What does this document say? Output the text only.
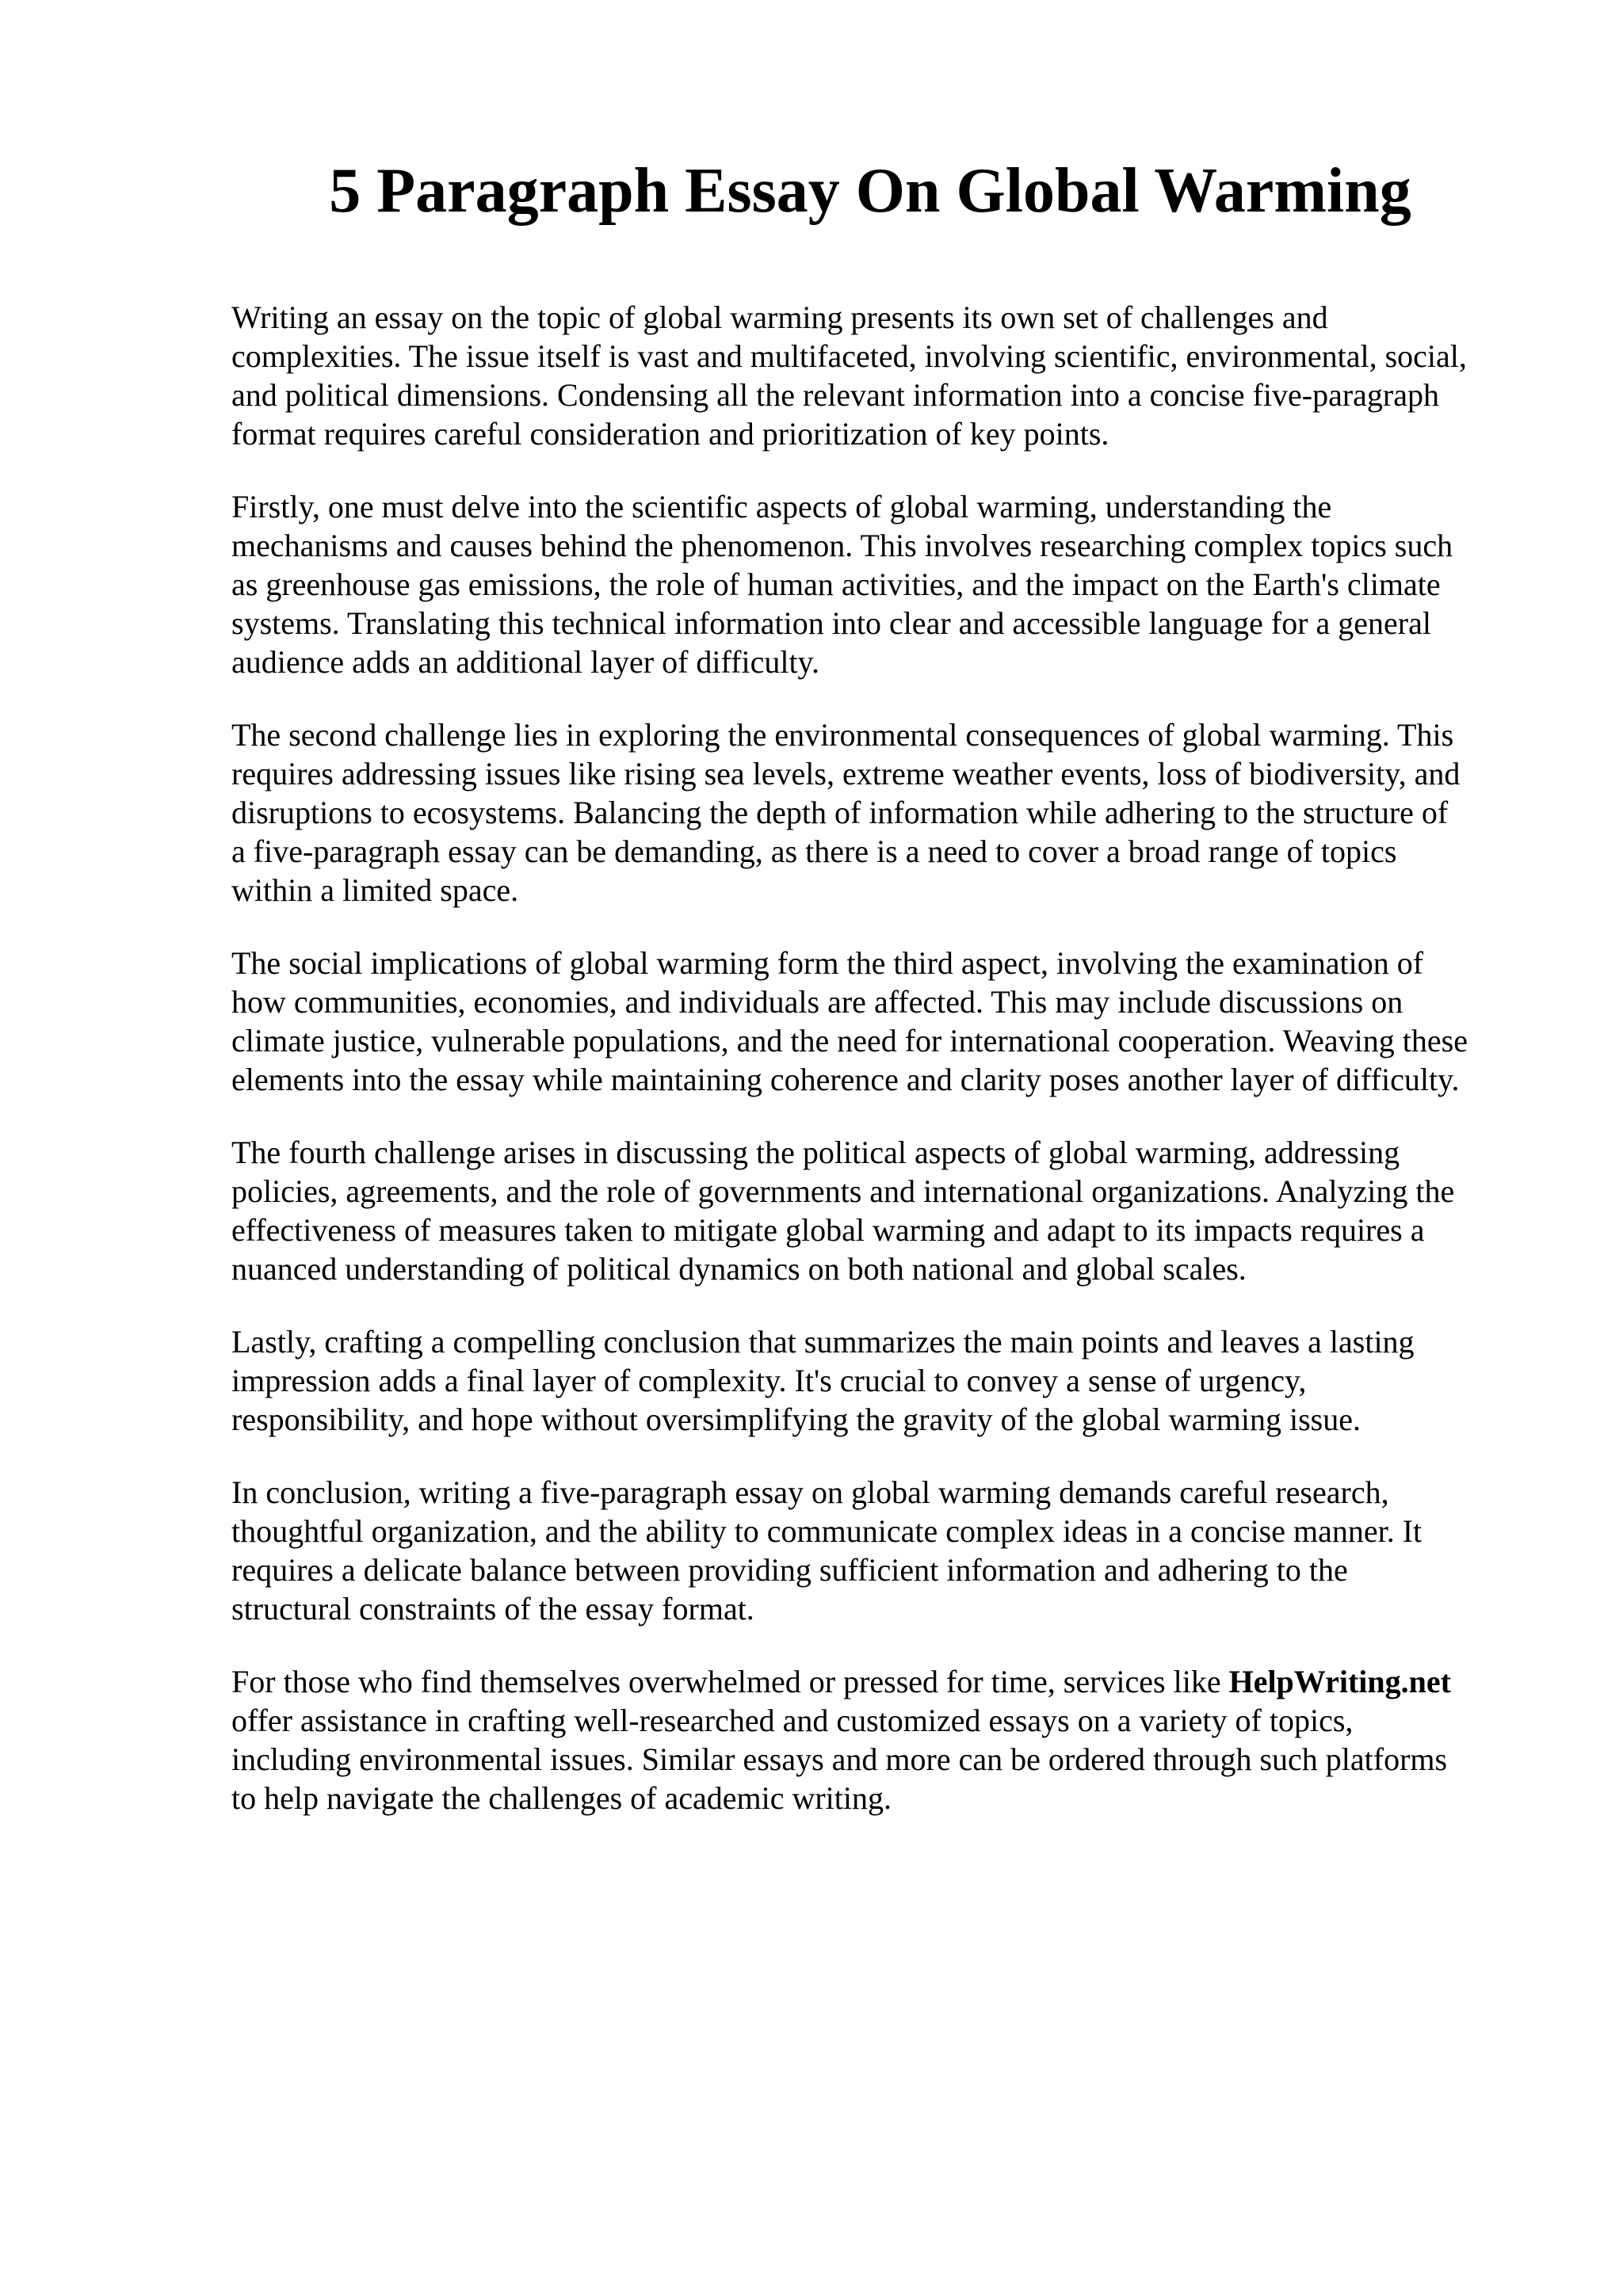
5 Paragraph Essay On Global Warming

Writing an essay on the topic of global warming presents its own set of challenges and
complexities. The issue itself is vast and multifaceted, involving scientific, environmental, social,
and political dimensions. Condensing all the relevant information into a concise five-paragraph
format requires careful consideration and prioritization of key points.

Firstly, one must delve into the scientific aspects of global warming, understanding the
mechanisms and causes behind the phenomenon. This involves researching complex topics such
as greenhouse gas emissions, the role of human activities, and the impact on the Earth's climate
systems. Translating this technical information into clear and accessible language for a general
audience adds an additional layer of difficulty.

The second challenge lies in exploring the environmental consequences of global warming. This
requires addressing issues like rising sea levels, extreme weather events, loss of biodiversity, and
disruptions to ecosystems. Balancing the depth of information while adhering to the structure of
a five-paragraph essay can be demanding, as there is a need to cover a broad range of topics
within a limited space.

The social implications of global warming form the third aspect, involving the examination of
how communities, economies, and individuals are affected. This may include discussions on
climate justice, vulnerable populations, and the need for international cooperation. Weaving these
elements into the essay while maintaining coherence and clarity poses another layer of difficulty.

The fourth challenge arises in discussing the political aspects of global warming, addressing
policies, agreements, and the role of governments and international organizations. Analyzing the
effectiveness of measures taken to mitigate global warming and adapt to its impacts requires a
nuanced understanding of political dynamics on both national and global scales.

Lastly, crafting a compelling conclusion that summarizes the main points and leaves a lasting
impression adds a final layer of complexity. It's crucial to convey a sense of urgency,
responsibility, and hope without oversimplifying the gravity of the global warming issue.

In conclusion, writing a five-paragraph essay on global warming demands careful research,
thoughtful organization, and the ability to communicate complex ideas in a concise manner. It
requires a delicate balance between providing sufficient information and adhering to the
structural constraints of the essay format.

For those who find themselves overwhelmed or pressed for time, services like HelpWriting.net
offer assistance in crafting well-researched and customized essays on a variety of topics,
including environmental issues. Similar essays and more can be ordered through such platforms
to help navigate the challenges of academic writing.
